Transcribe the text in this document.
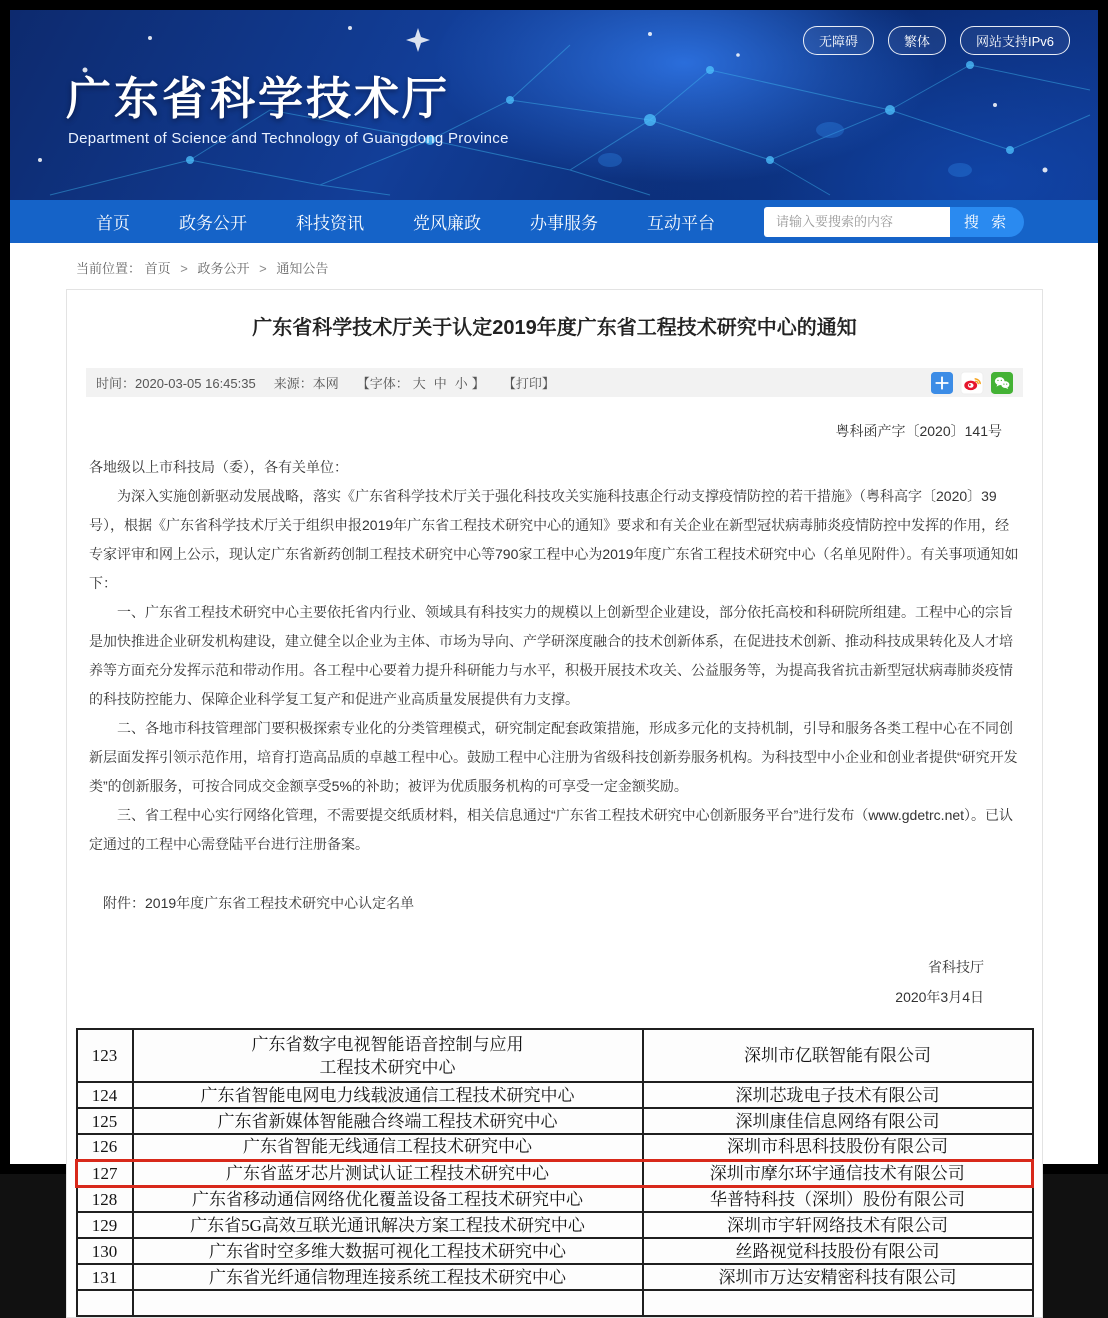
无障碍	繁体	网站支持IPv6
广东省科学技术厅
Department of Science and Technology of Guangdong Province
首页	政务公开	科技资讯	党风廉政	办事服务	互动平台
请输入要搜索的内容	搜 索
当前位置： 首页 > 政务公开 > 通知公告
广东省科学技术厅关于认定2019年度广东省工程技术研究中心的通知
时间：2020-03-05 16:45:35 来源：本网 【字体： 大 中 小 】 【打印】
粤科函产字〔2020〕141号
各地级以上市科技局（委），各有关单位：

为深入实施创新驱动发展战略，落实《广东省科学技术厅关于强化科技攻关实施科技惠企行动支撑疫情防控的若干措施》（粤科高字〔2020〕39号），根据《广东省科学技术厅关于组织申报2019年广东省工程技术研究中心的通知》要求和有关企业在新型冠状病毒肺炎疫情防控中发挥的作用，经专家评审和网上公示，现认定广东省新药创制工程技术研究中心等790家工程中心为2019年度广东省工程技术研究中心（名单见附件）。有关事项通知如下：

一、广东省工程技术研究中心主要依托省内行业、领域具有科技实力的规模以上创新型企业建设，部分依托高校和科研院所组建。工程中心的宗旨是加快推进企业研发机构建设，建立健全以企业为主体、市场为导向、产学研深度融合的技术创新体系，在促进技术创新、推动科技成果转化及人才培养等方面充分发挥示范和带动作用。各工程中心要着力提升科研能力与水平，积极开展技术攻关、公益服务等，为提高我省抗击新型冠状病毒肺炎疫情的科技防控能力、保障企业科学复工复产和促进产业高质量发展提供有力支撑。

二、各地市科技管理部门要积极探索专业化的分类管理模式，研究制定配套政策措施，形成多元化的支持机制，引导和服务各类工程中心在不同创新层面发挥引领示范作用，培育打造高品质的卓越工程中心。鼓励工程中心注册为省级科技创新券服务机构。为科技型中小企业和创业者提供“研究开发类”的创新服务，可按合同成交金额享受5%的补助；被评为优质服务机构的可享受一定金额奖励。

三、省工程中心实行网络化管理，不需要提交纸质材料，相关信息通过“广东省工程技术研究中心创新服务平台”进行发布（www.gdetrc.net）。已认定通过的工程中心需登陆平台进行注册备案。

附件：2019年度广东省工程技术研究中心认定名单
省科技厅
2020年3月4日
123	广东省数字电视智能语音控制与应用
工程技术研究中心	深圳市亿联智能有限公司
124	广东省智能电网电力线载波通信工程技术研究中心	深圳芯珑电子技术有限公司
125	广东省新媒体智能融合终端工程技术研究中心	深圳康佳信息网络有限公司
126	广东省智能无线通信工程技术研究中心	深圳市科思科技股份有限公司
127	广东省蓝牙芯片测试认证工程技术研究中心	深圳市摩尔环宇通信技术有限公司
128	广东省移动通信网络优化覆盖设备工程技术研究中心	华普特科技（深圳）股份有限公司
129	广东省5G高效互联光通讯解决方案工程技术研究中心	深圳市宇轩网络技术有限公司
130	广东省时空多维大数据可视化工程技术研究中心	丝路视觉科技股份有限公司
131	广东省光纤通信物理连接系统工程技术研究中心	深圳市万达安精密科技有限公司
